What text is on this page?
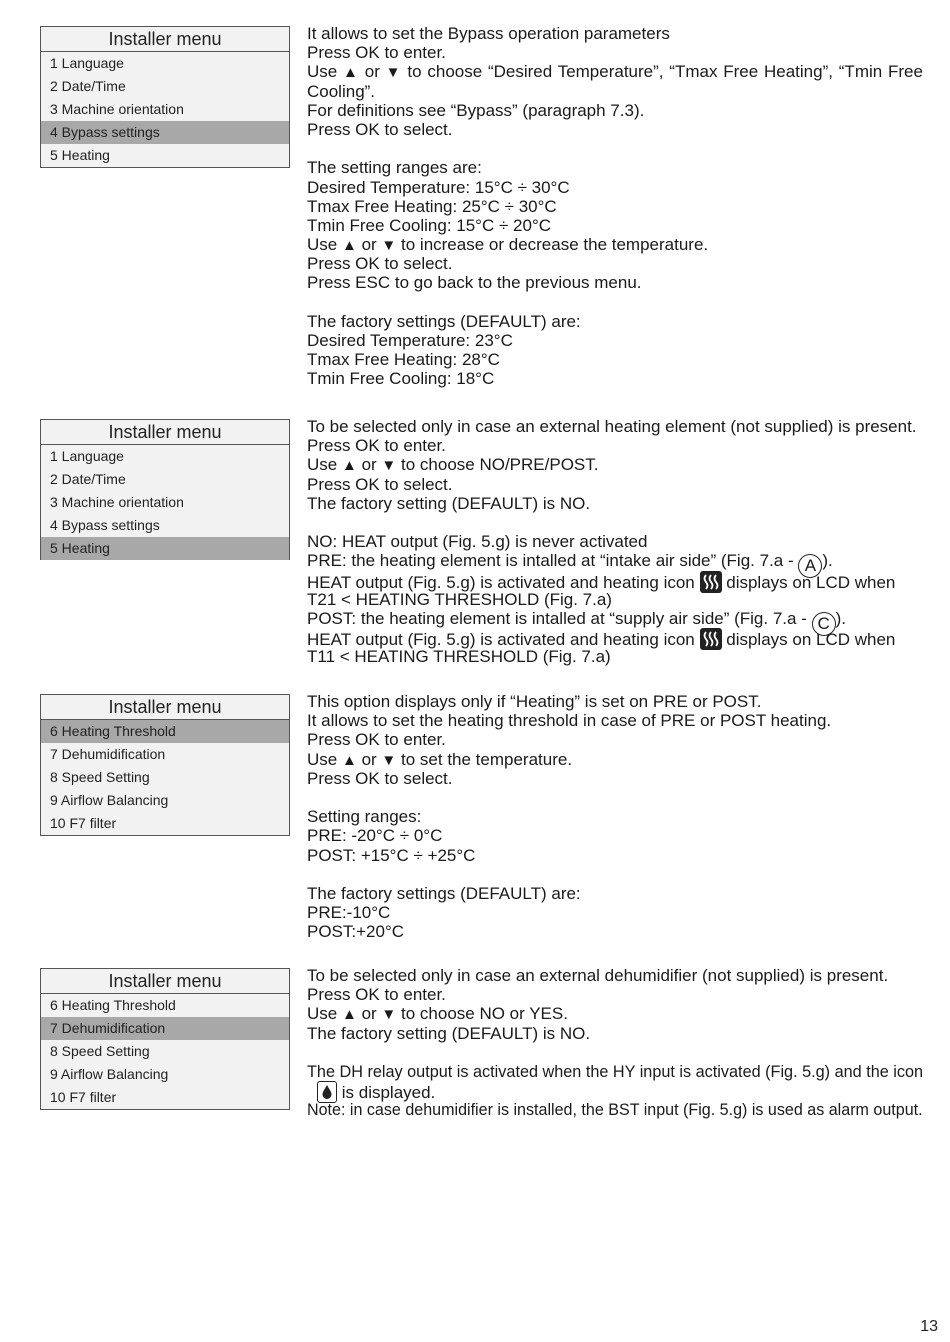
Installer menu
1 Language
2 Date/Time
3 Machine orientation
4 Bypass settings
5 Heating
Installer menu
1 Language
2 Date/Time
3 Machine orientation
4 Bypass settings
5 Heating
Installer menu
6 Heating Threshold
7 Dehumidification
8 Speed Setting
9 Airflow Balancing
10 F7 filter
Installer menu
6 Heating Threshold
7 Dehumidification
8 Speed Setting
9 Airflow Balancing
10 F7 filter
It allows to set the Bypass operation parameters
Press OK to enter.
Use ▲ or ▼ to choose “Desired Temperature”, “Tmax Free Heating”, “Tmin Free
Cooling”.
For definitions see “Bypass” (paragraph 7.3).
Press OK to select.
The setting ranges are:
Desired Temperature: 15°C ÷ 30°C
Tmax Free Heating: 25°C ÷ 30°C
Tmin Free Cooling: 15°C ÷ 20°C
Use ▲ or ▼ to increase or decrease the temperature.
Press OK to select.
Press ESC to go back to the previous menu.
The factory settings (DEFAULT) are:
Desired Temperature: 23°C
Tmax Free Heating: 28°C
Tmin Free Cooling: 18°C
To be selected only in case an external heating element (not supplied) is present.
Press OK to enter.
Use ▲ or ▼ to choose NO/PRE/POST.
Press OK to select.
The factory setting (DEFAULT) is NO.
NO: HEAT output (Fig. 5.g) is never activated
PRE: the heating element is intalled at “intake air side” (Fig. 7.a - A ).
HEAT output (Fig. 5.g) is activated and heating icon displays on LCD when
T21 < HEATING THRESHOLD (Fig. 7.a)
POST: the heating element is intalled at “supply air side” (Fig. 7.a - C ).
HEAT output (Fig. 5.g) is activated and heating icon displays on LCD when
T11 < HEATING THRESHOLD (Fig. 7.a)
This option displays only if “Heating” is set on PRE or POST.
It allows to set the heating threshold in case of PRE or POST heating.
Press OK to enter.
Use ▲ or ▼ to set the temperature.
Press OK to select.
Setting ranges:
PRE: -20°C ÷ 0°C
POST: +15°C ÷ +25°C
The factory settings (DEFAULT) are:
PRE:-10°C
POST:+20°C
To be selected only in case an external dehumidifier (not supplied) is present.
Press OK to enter.
Use ▲ or ▼ to choose NO or YES.
The factory setting (DEFAULT) is NO.
The DH relay output is activated when the HY input is activated (Fig. 5.g) and the icon
is displayed.
Note: in case dehumidifier is installed, the BST input (Fig. 5.g) is used as alarm output.
13
